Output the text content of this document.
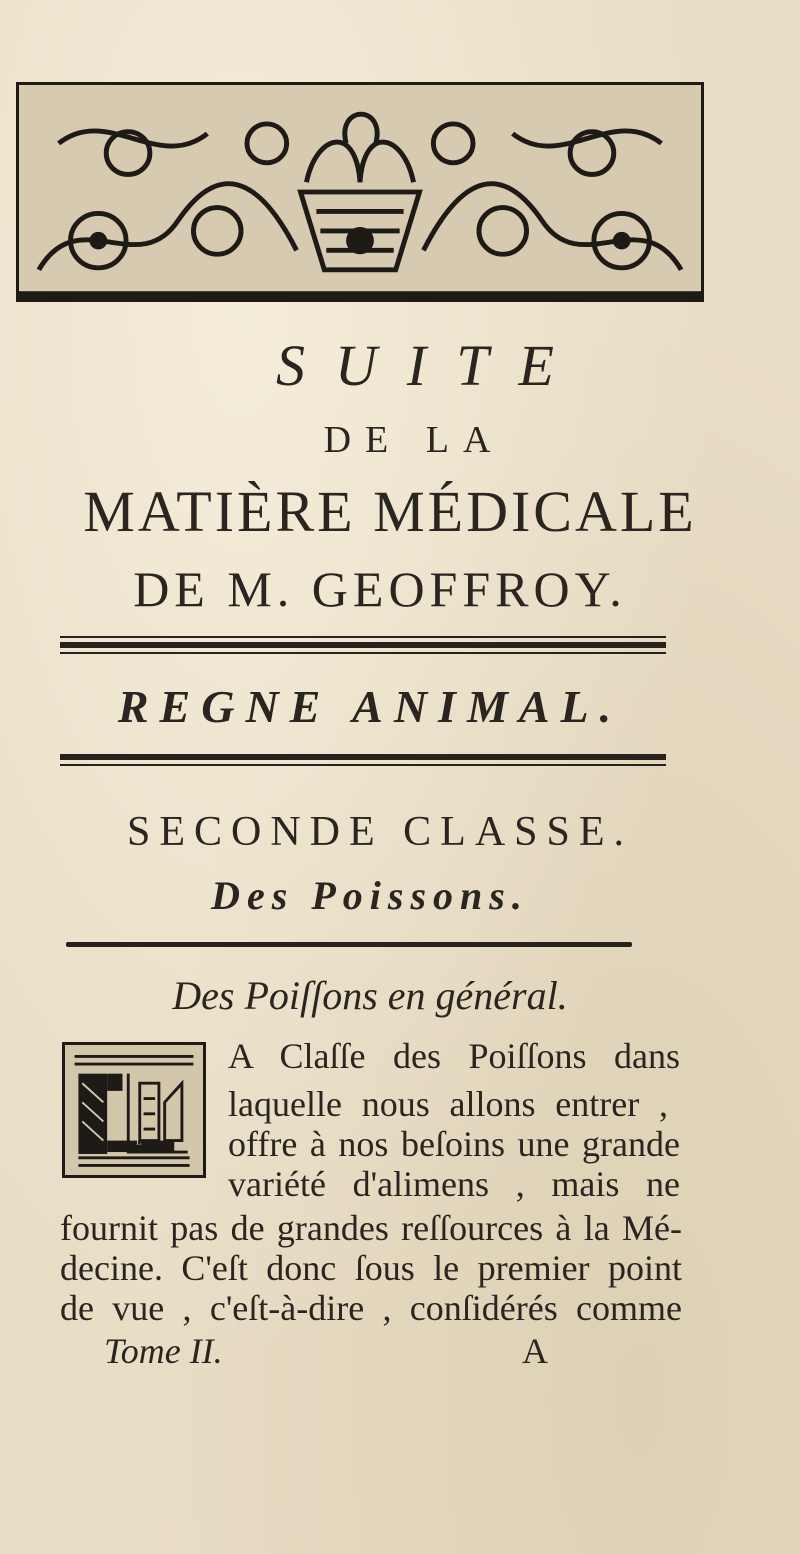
SUITE
DE LA
MATIÈRE MÉDICALE
DE M. GEOFFROY.
REGNE ANIMAL.
SECONDE CLASSE.
Des Poissons.
Des Poiſſons en général.
L
A Claſſe des Poiſſons dans
laquelle nous allons entrer ,
offre à nos beſoins une grande
variété d'alimens , mais ne
fournit pas de grandes reſſources à la Mé-
decine. C'eſt donc ſous le premier point
de vue , c'eſt-à-dire , conſidérés comme
Tome II.	A
